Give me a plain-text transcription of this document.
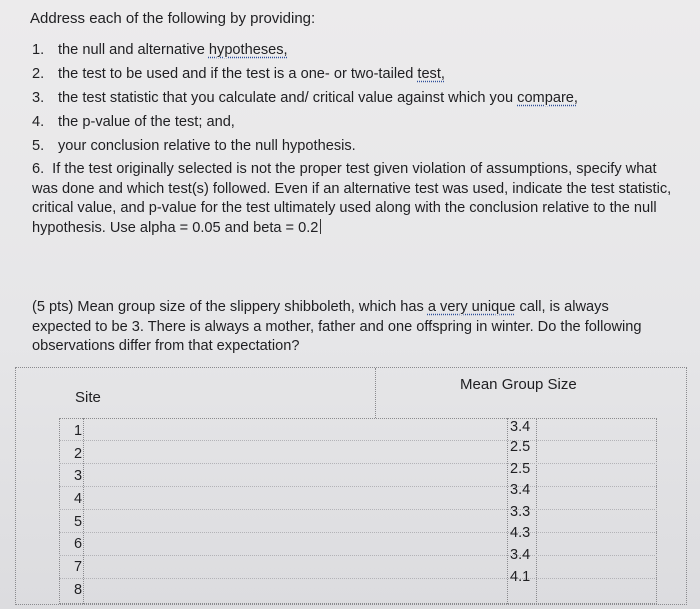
Address each of the following by providing:
1. the null and alternative hypotheses,
2. the test to be used and if the test is a one- or two-tailed test,
3. the test statistic that you calculate and/ critical value against which you compare,
4. the p-value of the test; and,
5. your conclusion relative to the null hypothesis.
6. If the test originally selected is not the proper test given violation of assumptions, specify what was done and which test(s) followed. Even if an alternative test was used, indicate the test statistic, critical value, and p-value for the test ultimately used along with the conclusion relative to the null hypothesis. Use alpha = 0.05 and beta = 0.2
(5 pts) Mean group size of the slippery shibboleth, which has a very unique call, is always expected to be 3. There is always a mother, father and one offspring in winter. Do the following observations differ from that expectation?
Site
Mean Group Size
1
2
3
4
5
6
7
8
3.4
2.5
2.5
3.4
3.3
4.3
3.4
4.1
